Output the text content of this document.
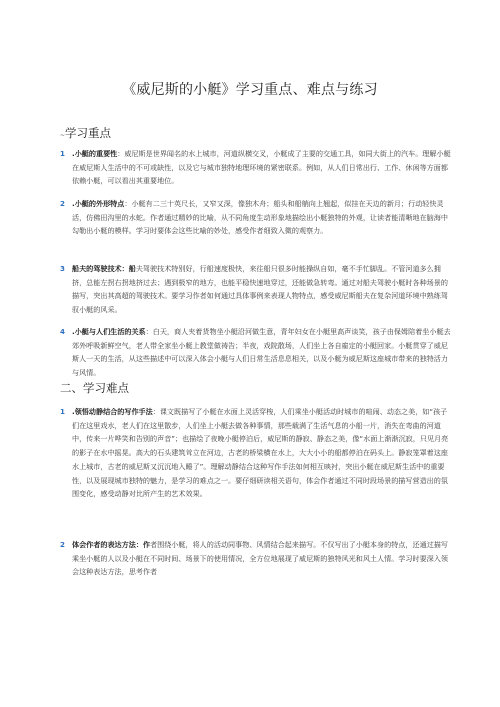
《威尼斯的小艇》学习重点、难点与练习
~学习重点

1 .小艇的重要性：威尼斯是世界闻名的水上城市，河道纵横交叉，小艇成了主要的交通工具，如同大街上的汽车。理解小艇在威尼斯人生活中的不可或缺性，以及它与城市独特地理环境的紧密联系。例如，从人们日常出行、工作、休闲等方面都依赖小艇，可以看出其重要地位。

2 .小艇的外形特点：小艇有二三十英尺长，又窄又深，像独木舟；船头和船艄向上翘起，似挂在天边的新月；行动轻快灵活，仿佛田沟里的水蛇。作者通过精妙的比喻，从不同角度生动形象地描绘出小艇独特的外观，让读者能清晰地在脑海中勾勒出小艇的模样。学习时要体会这些比喻的妙处，感受作者细致入微的观察力。

3 船夫的驾驶技术：船夫驾驶技术特别好，行船速度极快，来往船只很多时能操纵自如，毫不手忙脚乱。不管河道多么拥挤，总能左拐右拐地挤过去；遇到极窄的地方，也能平稳快速地穿过，还能做急转弯。通过对船夫驾驶小艇时各种场景的描写，突出其高超的驾驶技术。要学习作者如何通过具体事例来表现人物特点，感受威尼斯船夫在复杂河道环境中熟练驾驭小艇的风采。

4 .小艇与人们生活的关系：白天，商人夹着货物坐小艇沿河做生意，青年妇女在小艇里高声谈笑，孩子由保姆陪着坐小艇去郊外呼吸新鲜空气，老人带全家坐小艇上教堂做祷告；半夜，戏院散场，人们坐上各自雇定的小艇回家。小艇贯穿了威尼斯人一天的生活，从这些描述中可以深入体会小艇与人们日常生活息息相关，以及小艇为威尼斯这座城市带来的独特活力与风情。

二、学习难点

1 .领悟动静结合的写作手法：课文既描写了小艇在水面上灵活穿梭，人们乘坐小艇活动时城市的喧闹、动态之美，如“孩子们在这里戏水，老人们在这里散步，人们坐上小艇去做各种事情，那些载满了生活气息的小船一片，消失在弯曲的河道中，传来一片哗笑和告别的声音”；也描绘了夜晚小艇停泊后，威尼斯的静寂、静态之美，像“水面上渐渐沉寂，只见月亮的影子在水中摇晃。高大的石头建筑耸立在河边，古老的桥梁横在水上，大大小小的船都停泊在码头上。静寂笼罩着这座水上城市，古老的威尼斯又沉沉地入睡了”。理解动静结合这种写作手法如何相互映衬，突出小艇在威尼斯生活中的重要性，以及展现城市独特的魅力，是学习的难点之一。要仔细研读相关语句，体会作者通过不同时段场景的描写营造出的氛围变化，感受动静对比所产生的艺术效果。

2 体会作者的表达方法：作者围绕小艇，将人的活动同事物、风情结合起来描写。不仅写出了小艇本身的特点，还通过描写乘坐小艇的人以及小艇在不同时间、场景下的使用情况，全方位地展现了威尼斯的独特风光和风土人情。学习时要深入领会这种表达方法，思考作者
